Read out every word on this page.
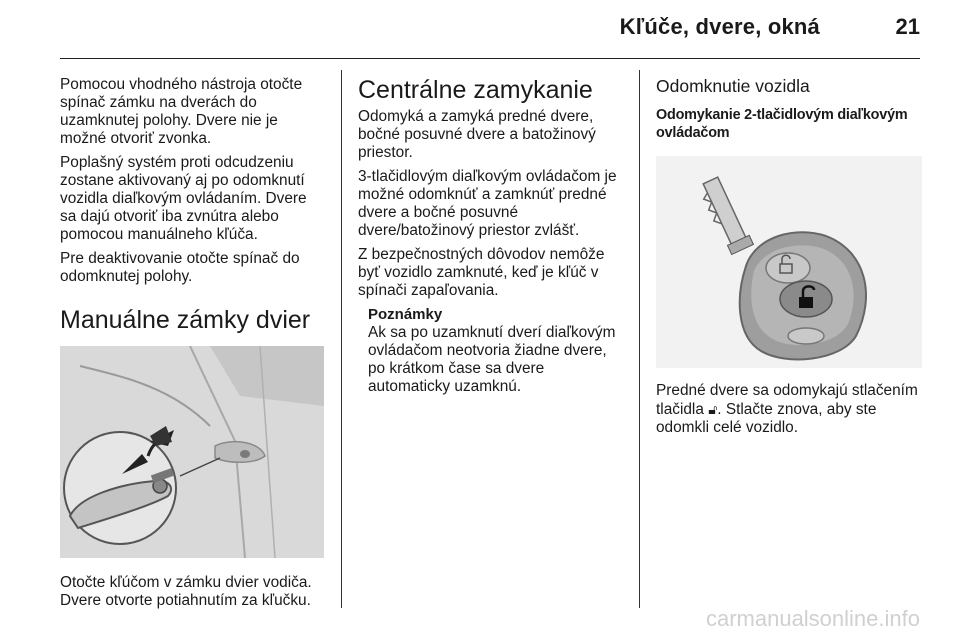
Kľúče, dvere, okná	21

Pomocou vhodného nástroja otočte spínač zámku na dverách do uzamknutej polohy. Dvere nie je možné otvoriť zvonka.

Poplašný systém proti odcudzeniu zostane aktivovaný aj po odomknutí vozidla diaľkovým ovládaním. Dvere sa dajú otvoriť iba zvnútra alebo pomocou manuálneho kľúča.

Pre deaktivovanie otočte spínač do odomknutej polohy.

Manuálne zámky dvier

Otočte kľúčom v zámku dvier vodiča. Dvere otvorte potiahnutím za kľučku.

Centrálne zamykanie

Odomyká a zamyká predné dvere, bočné posuvné dvere a batožinový priestor.

3-tlačidlovým diaľkovým ovládačom je možné odomknúť a zamknúť predné dvere a bočné posuvné dvere/batožinový priestor zvlášť.

Z bezpečnostných dôvodov nemôže byť vozidlo zamknuté, keď je kľúč v spínači zapaľovania.

Poznámky

Ak sa po uzamknutí dverí diaľkovým ovládačom neotvoria žiadne dvere, po krátkom čase sa dvere automaticky uzamknú.

Odomknutie vozidla
Odomykanie 2-tlačidlovým diaľkovým ovládačom

Predné dvere sa odomykajú stlačením tlačidla 🔓︎. Stlačte znova, aby ste odomkli celé vozidlo.

carmanualsonline.info
